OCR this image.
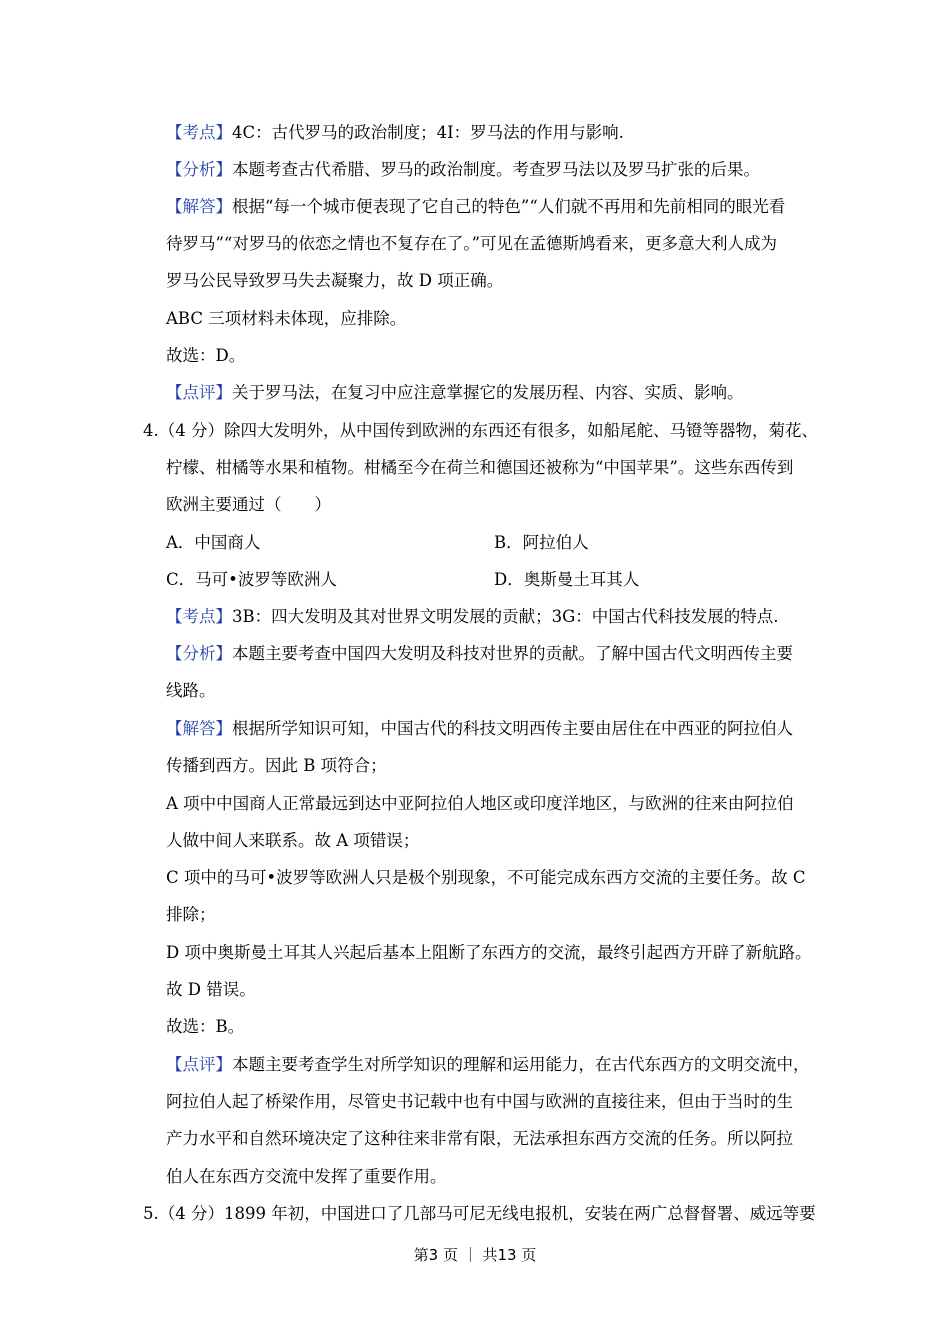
【考点】4C：古代罗马的政治制度；4I：罗马法的作用与影响.
【分析】本题考查古代希腊、罗马的政治制度。考查罗马法以及罗马扩张的后果。
【解答】根据“每一个城市便表现了它自己的特色”“人们就不再用和先前相同的眼光看
待罗马”“对罗马的依恋之情也不复存在了。”可见在孟德斯鸠看来，更多意大利人成为
罗马公民导致罗马失去凝聚力，故 D 项正确。
ABC 三项材料未体现，应排除。
故选：D。
【点评】关于罗马法，在复习中应注意掌握它的发展历程、内容、实质、影响。
4.（4 分）除四大发明外，从中国传到欧洲的东西还有很多，如船尾舵、马镫等器物，菊花、
柠檬、柑橘等水果和植物。柑橘至今在荷兰和德国还被称为“中国苹果”。这些东西传到
欧洲主要通过（　　）
A．中国商人	B．阿拉伯人
C．马可•波罗等欧洲人	D．奥斯曼土耳其人
【考点】3B：四大发明及其对世界文明发展的贡献；3G：中国古代科技发展的特点.
【分析】本题主要考查中国四大发明及科技对世界的贡献。了解中国古代文明西传主要
线路。
【解答】根据所学知识可知，中国古代的科技文明西传主要由居住在中西亚的阿拉伯人
传播到西方。因此 B 项符合；
A 项中中国商人正常最远到达中亚阿拉伯人地区或印度洋地区，与欧洲的往来由阿拉伯
人做中间人来联系。故 A 项错误；
C 项中的马可•波罗等欧洲人只是极个别现象，不可能完成东西方交流的主要任务。故 C
排除；
D 项中奥斯曼土耳其人兴起后基本上阻断了东西方的交流，最终引起西方开辟了新航路。
故 D 错误。
故选：B。
【点评】本题主要考查学生对所学知识的理解和运用能力，在古代东西方的文明交流中，
阿拉伯人起了桥梁作用，尽管史书记载中也有中国与欧洲的直接往来，但由于当时的生
产力水平和自然环境决定了这种往来非常有限，无法承担东西方交流的任务。所以阿拉
伯人在东西方交流中发挥了重要作用。
5.（4 分）1899 年初，中国进口了几部马可尼无线电报机，安装在两广总督督署、威远等要
第3 页 ｜ 共13 页
